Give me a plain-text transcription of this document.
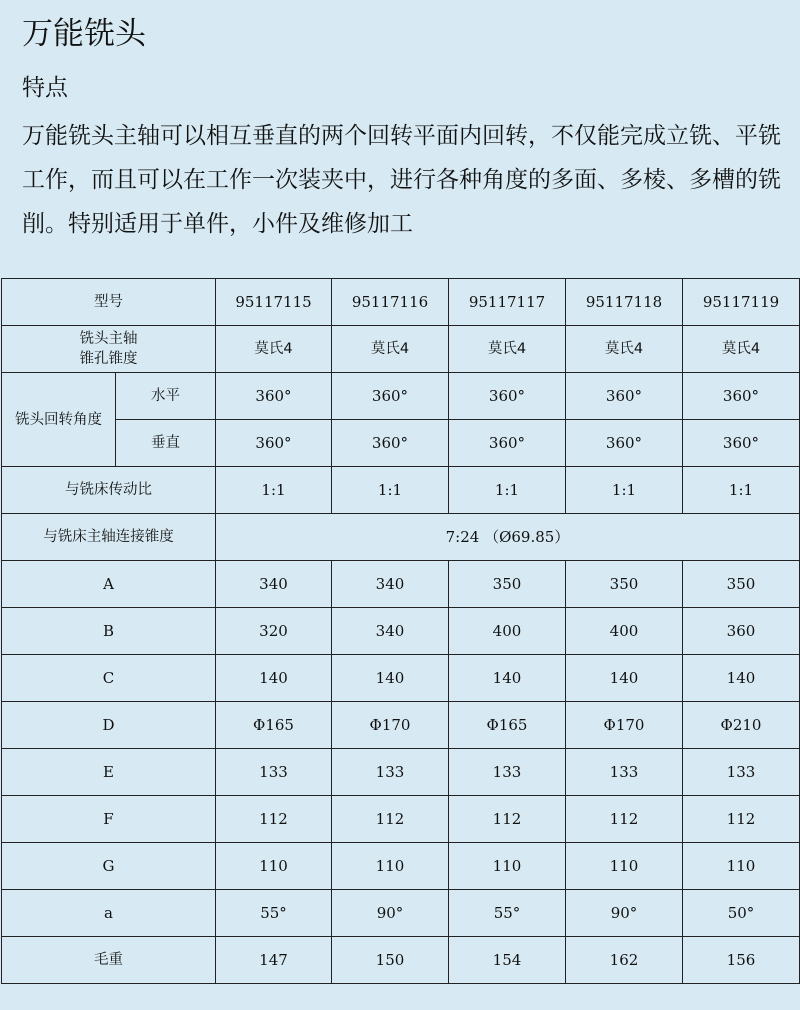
万能铣头
特点
万能铣头主轴可以相互垂直的两个回转平面内回转，不仅能完成立铣、平铣工作，而且可以在工作一次装夹中，进行各种角度的多面、多棱、多槽的铣削。特别适用于单件，小件及维修加工
型号		95117115	95117116	95117117	95117118	95117119

铣头主轴
锥孔锥度		莫氏4	莫氏4	莫氏4	莫氏4	莫氏4
铣头回转角度	水平	360°	360°	360°	360°	360°
	垂直	360°	360°	360°	360°	360°
与铣床传动比		1:1	1:1	1:1	1:1	1:1
与铣床主轴连接锥度		7:24 （Ø69.85）				
A		340	340	350	350	350
B		320	340	400	400	360
C		140	140	140	140	140
D		Φ165	Φ170	Φ165	Φ170	Φ210
E		133	133	133	133	133
F		112	112	112	112	112
G		110	110	110	110	110
a		55°	90°	55°	90°	50°
毛重		147	150	154	162	156
